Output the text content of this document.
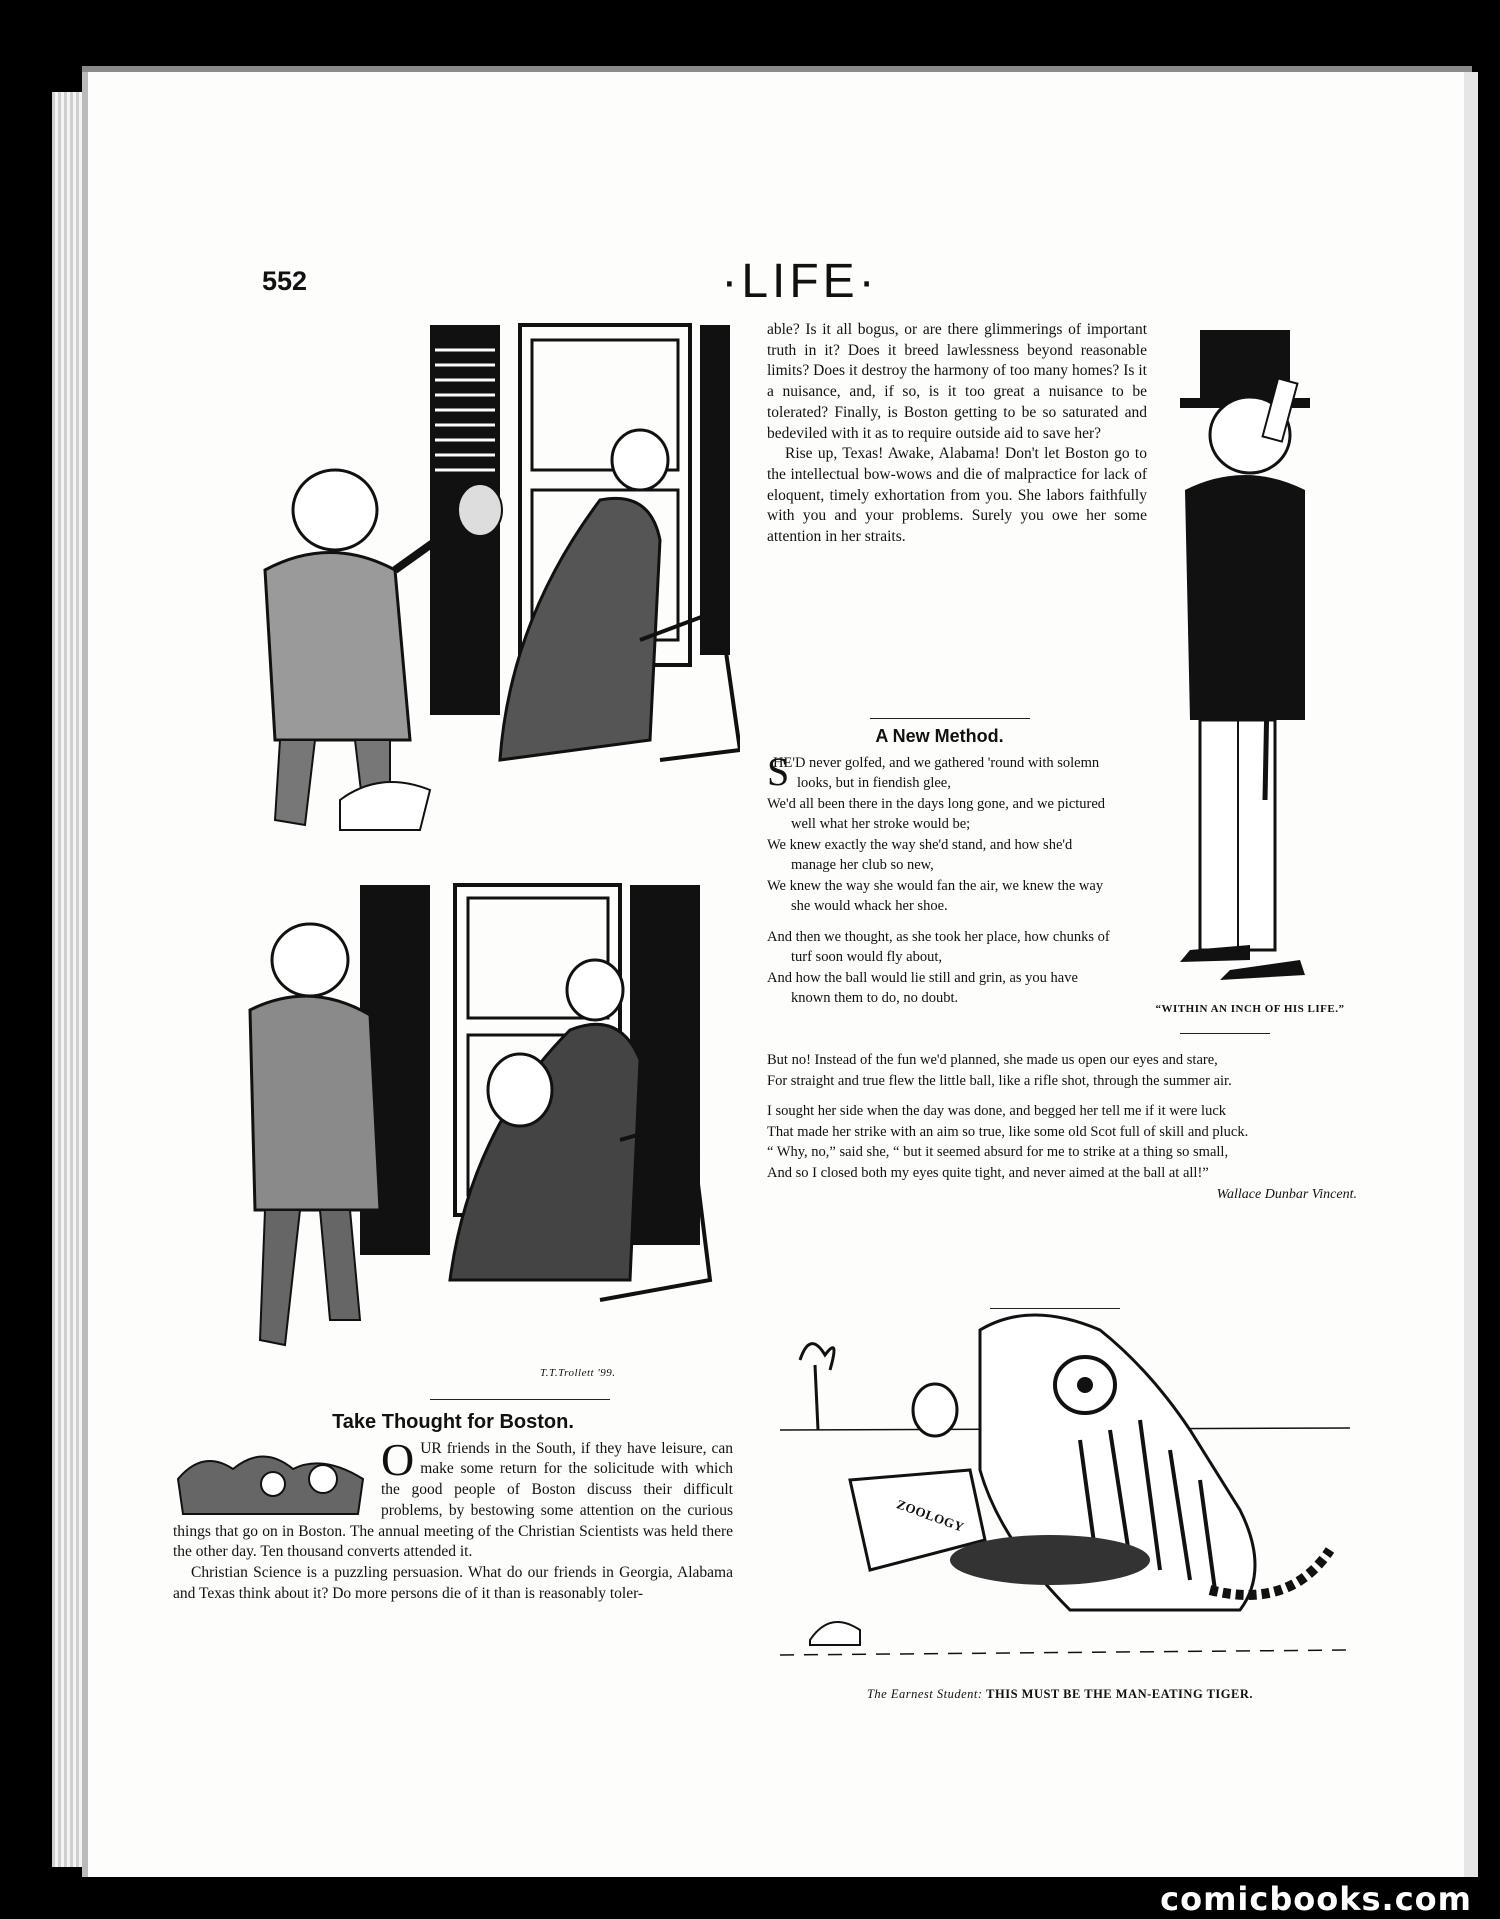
552	·LIFE·
T.T.Trollett '99.
“WITHIN AN INCH OF HIS LIFE.”
ZOOLOGY
The Earnest Student: THIS MUST BE THE MAN-EATING TIGER.
Take Thought for Boston.

OUR friends in the South, if they have leisure, can make some return for the solicitude with which the good people of Boston discuss their difficult problems, by bestowing some attention on the curious things that go on in Boston. The annual meeting of the Christian Scientists was held there the other day. Ten thousand converts attended it.

Christian Science is a puzzling persuasion. What do our friends in Georgia, Alabama and Texas think about it? Do more persons die of it than is reasonably toler-

able? Is it all bogus, or are there glimmerings of important truth in it? Does it breed lawlessness beyond reasonable limits? Does it destroy the harmony of too many homes? Is it a nuisance, and, if so, is it too great a nuisance to be tolerated? Finally, is Boston getting to be so saturated and bedeviled with it as to require outside aid to save her?

Rise up, Texas! Awake, Alabama! Don't let Boston go to the intellectual bow-wows and die of malpractice for lack of eloquent, timely exhortation from you. She labors faithfully with you and your problems. Surely you owe her some attention in her straits.

A New Method.

S
HE'D never golfed, and we gathered 'round with solemn looks, but in fiendish glee,

We'd all been there in the days long gone, and we pictured well what her stroke would be;

We knew exactly the way she'd stand, and how she'd manage her club so new,

We knew the way she would fan the air, we knew the way she would whack her shoe.

And then we thought, as she took her place, how chunks of turf soon would fly about,

And how the ball would lie still and grin, as you have known them to do, no doubt.

But no! Instead of the fun we'd planned, she made us open our eyes and stare,

For straight and true flew the little ball, like a rifle shot, through the summer air.

I sought her side when the day was done, and begged her tell me if it were luck

That made her strike with an aim so true, like some old Scot full of skill and pluck.

“ Why, no,” said she, “ but it seemed absurd for me to strike at a thing so small,

And so I closed both my eyes quite tight, and never aimed at the ball at all!”

Wallace Dunbar Vincent.
comicbooks.com
